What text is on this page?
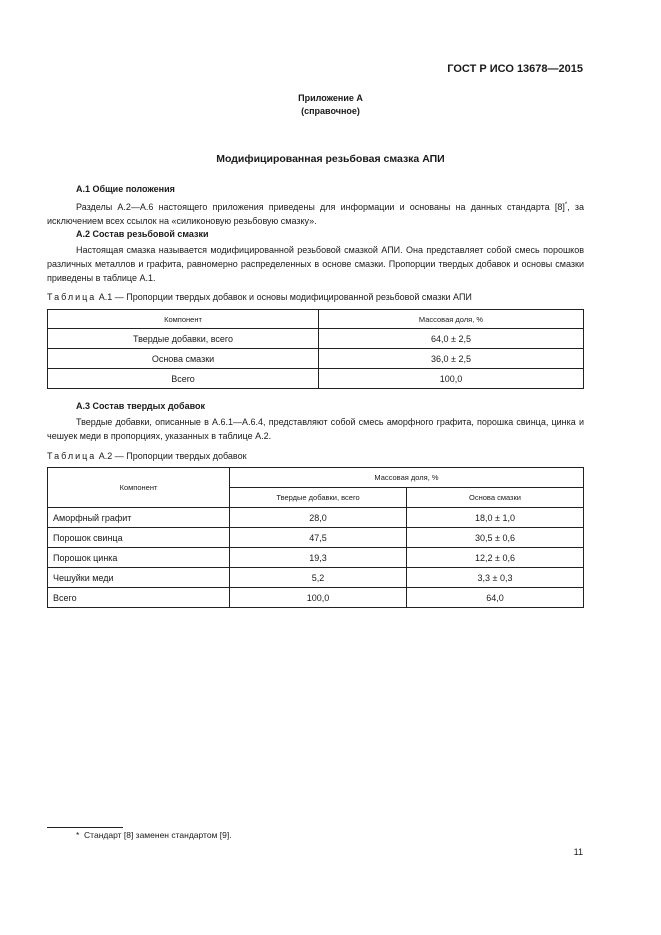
ГОСТ Р ИСО 13678—2015
Приложение А
(справочное)
Модифицированная резьбовая смазка АПИ
А.1 Общие положения
Разделы А.2—А.6 настоящего приложения приведены для информации и основаны на данных стандарта [8]*, за исключением всех ссылок на «силиконовую резьбовую смазку».
А.2 Состав резьбовой смазки
Настоящая смазка называется модифицированной резьбовой смазкой АПИ. Она представляет собой смесь порошков различных металлов и графита, равномерно распределенных в основе смазки. Пропорции твердых добавок и основы смазки приведены в таблице А.1.
Таблица А.1 — Пропорции твердых добавок и основы модифицированной резьбовой смазки АПИ
Компонент	Массовая доля, %
Твердые добавки, всего	64,0 ± 2,5
Основа смазки	36,0 ± 2,5
Всего	100,0
А.3 Состав твердых добавок
Твердые добавки, описанные в А.6.1—А.6.4, представляют собой смесь аморфного графита, порошка свинца, цинка и чешуек меди в пропорциях, указанных в таблице А.2.
Таблица А.2 — Пропорции твердых добавок
Компонент	Массовая доля, %	
	Твердые добавки, всего	Основа смазки
Аморфный графит	28,0	18,0 ± 1,0
Порошок свинца	47,5	30,5 ± 0,6
Порошок цинка	19,3	12,2 ± 0,6
Чешуйки меди	5,2	3,3 ± 0,3
Всего	100,0	64,0
*  Стандарт [8] заменен стандартом [9].
11
